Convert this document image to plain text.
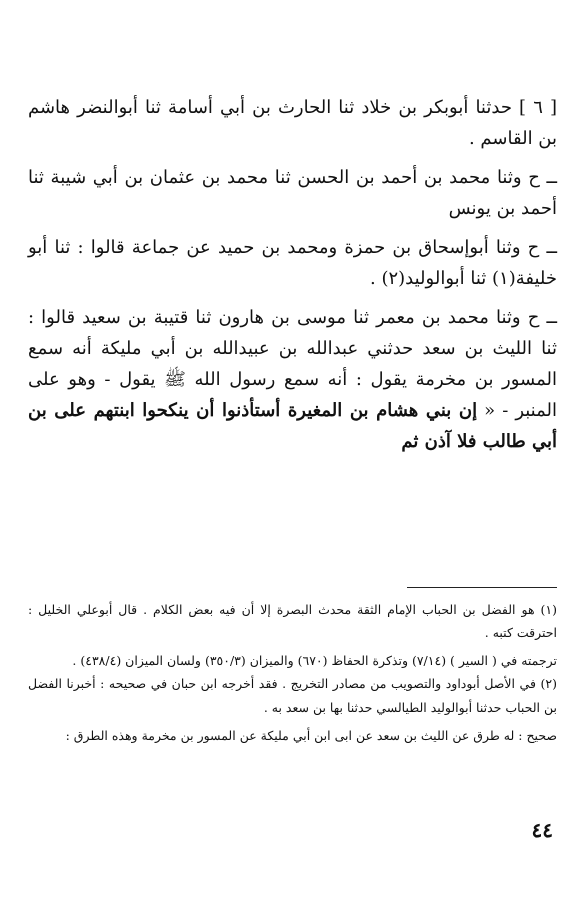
[ ٦ ] حدثنا أبوبكر بن خلاد ثنا الحارث بن أبي أسامة ثنا أبوالنضر هاشم بن القاسم .

ــ ح وثنا محمد بن أحمد بن الحسن ثنا محمد بن عثمان بن أبي شيبة ثنا أحمد بن يونس

ــ ح وثنا أبوإسحاق بن حمزة ومحمد بن حميد عن جماعة قالوا : ثنا أبو خليفة(١) ثنا أبوالوليد(٢) .

ــ ح وثنا محمد بن معمر ثنا موسى بن هارون ثنا قتيبة بن سعيد قالوا : ثنا الليث بن سعد حدثني عبدالله بن عبيدالله بن أبي مليكة أنه سمع المسور بن مخرمة يقول : أنه سمع رسول الله ﷺ يقول - وهو على المنبر - « إن بني هشام بن المغيرة أستأذنوا أن ينكحوا ابنتهم على بن أبي طالب فلا آذن ثم

(١) هو الفضل بن الحباب الإمام الثقة محدث البصرة إلا أن فيه بعض الكلام . قال أبوعلي الخليل : احترقت كتبه .

ترجمته في ( السير ) (٧/١٤) وتذكرة الحفاظ (٦٧٠) والميزان (٣٥٠/٣) ولسان الميزان (٤٣٨/٤) .

(٢) في الأصل أبوداود والتصويب من مصادر التخريج . فقد أخرجه ابن حبان في صحيحه : أخبرنا الفضل بن الحباب حدثنا أبوالوليد الطيالسي حدثنا بها بن سعد به .

صحيح : له طرق عن الليث بن سعد عن ابى ابن أبي مليكة عن المسور بن مخرمة وهذه الطرق :

٤٤
